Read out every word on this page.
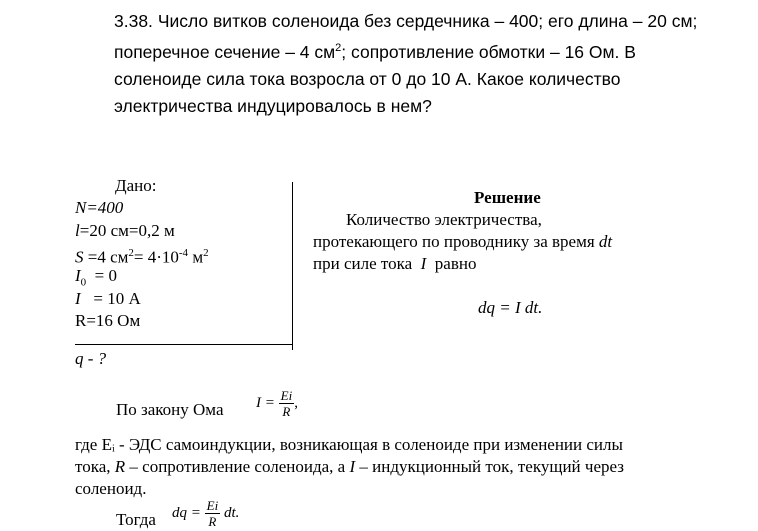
3.38. Число витков соленоида без сердечника – 400; его длина – 20 см;

поперечное сечение – 4 $см^2$; сопротивление обмотки – 16 Ом. В

соленоиде сила тока возросла от 0 до 10 А. Какое количество

электричества индуцировалось в нем?

Дано:
N=400
l=20 см=0,2 м
S =4 $см^2= 4\cdot 10^{-4}$ $м^2$
$I_0 = 0$
I   = 10 А
R=16 Ом
q - ?
Решение
Количество электричества,
протекающего по проводнику за время dt
при силе тока  I  равно
dq = I dt.
По закону Ома $I = \frac{Ei}{R}$ ,
где Eᵢ - ЭДС самоиндукции, возникающая в соленоиде при изменении силы
тока, R – сопротивление соленоида, а I – индукционный ток, текущий через
соленоид.
Тогда dq = $\frac{Ei}{R}$ dt.
